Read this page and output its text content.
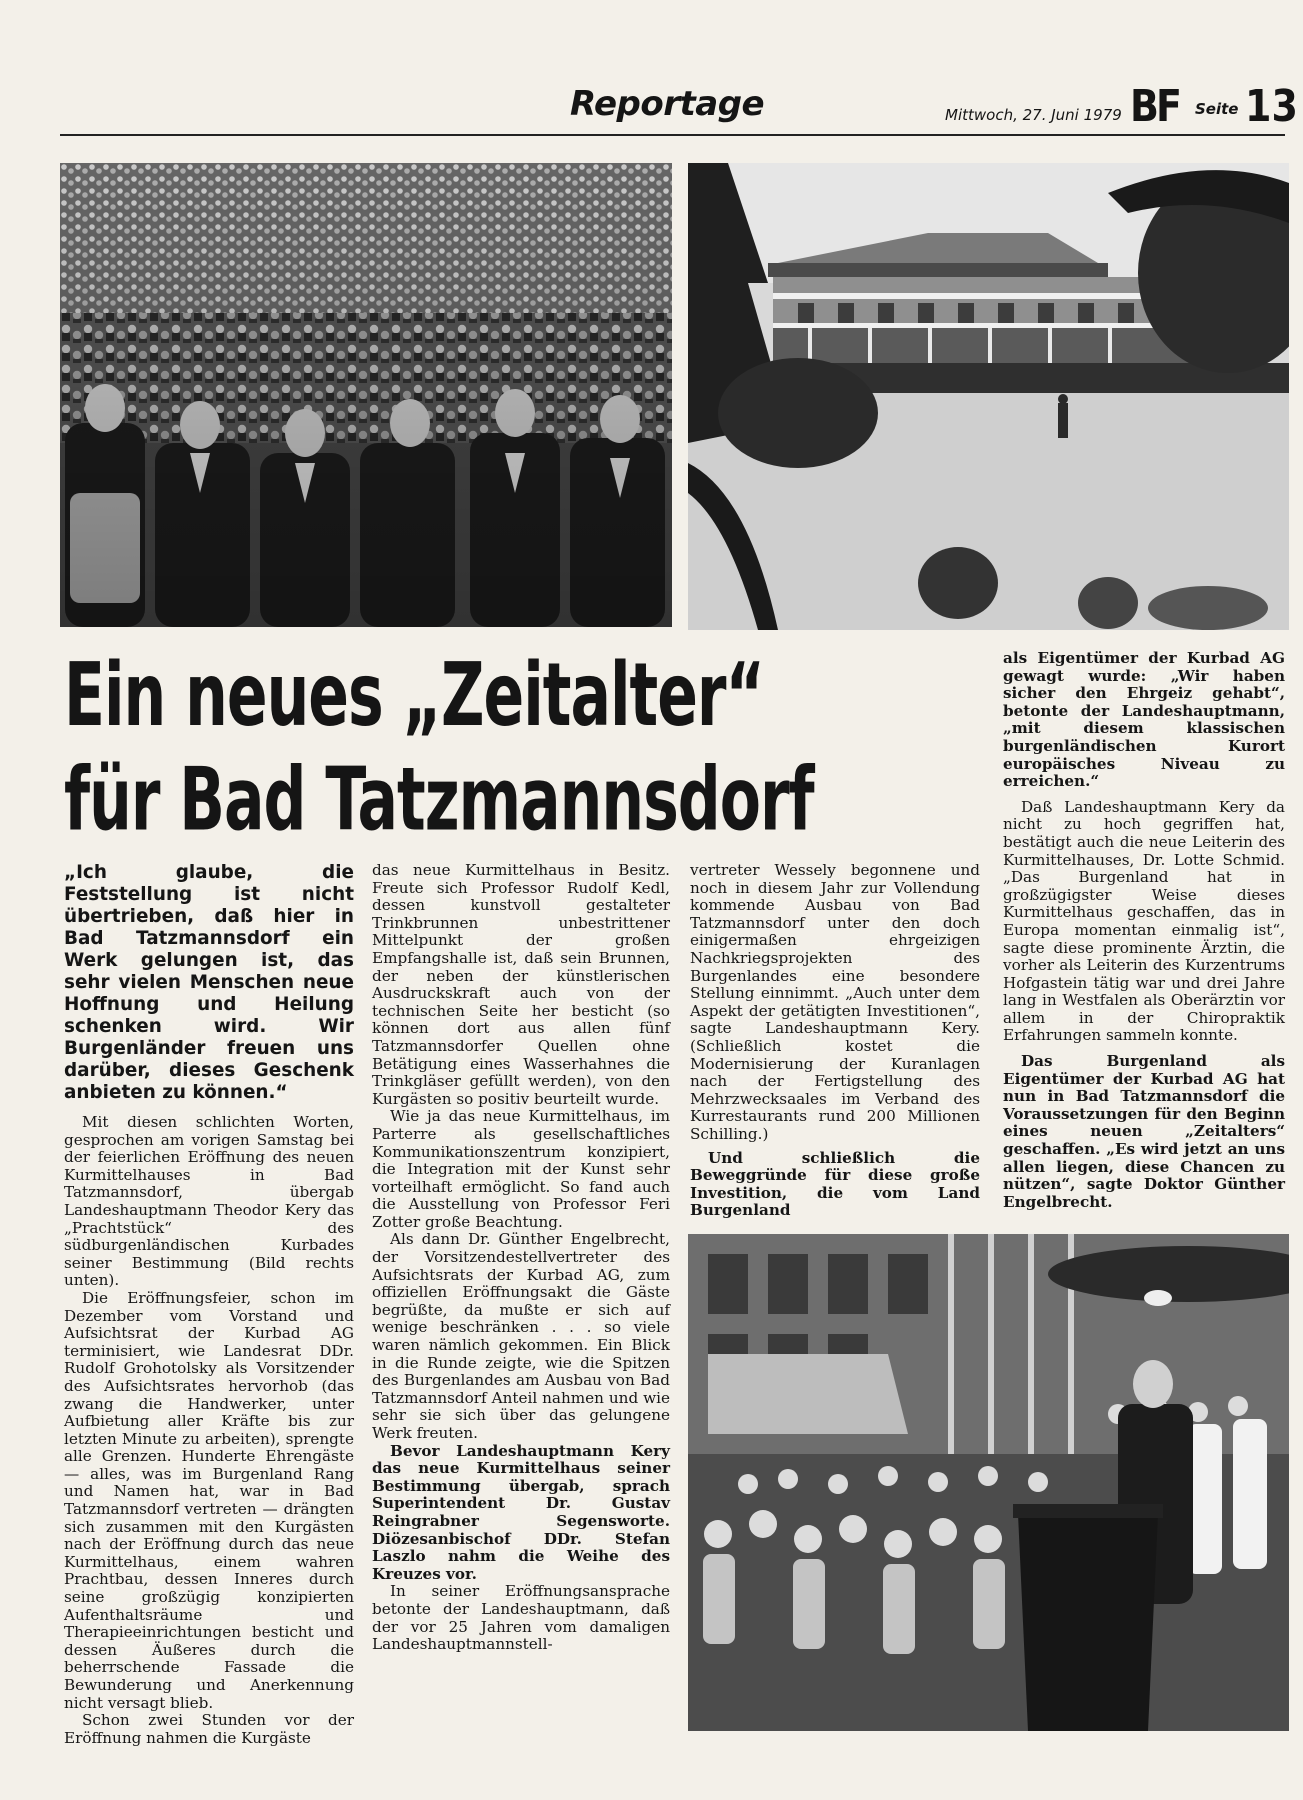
Reportage	Mittwoch, 27. Juni 1979 BF Seite 13
Ein neues „Zeitalter“
für Bad Tatzmannsdorf

„Ich glaube, die Feststellung ist nicht übertrieben, daß hier in Bad Tatzmannsdorf ein Werk gelungen ist, das sehr vielen Menschen neue Hoffnung und Heilung schenken wird. Wir Burgenländer freuen uns darüber, dieses Geschenk anbieten zu können.“

Mit diesen schlichten Worten, gesprochen am vorigen Samstag bei der feierlichen Eröffnung des neuen Kurmittelhauses in Bad Tatzmannsdorf, übergab Landeshauptmann Theodor Kery das „Prachtstück“ des südburgenländischen Kurbades seiner Bestimmung (Bild rechts unten).

Die Eröffnungsfeier, schon im Dezember vom Vorstand und Aufsichtsrat der Kurbad AG terminisiert, wie Landesrat DDr. Rudolf Grohotolsky als Vorsitzender des Aufsichtsrates hervorhob (das zwang die Handwerker, unter Aufbietung aller Kräfte bis zur letzten Minute zu arbeiten), sprengte alle Grenzen. Hunderte Ehrengäste — alles, was im Burgenland Rang und Namen hat, war in Bad Tatzmannsdorf vertreten — drängten sich zusammen mit den Kurgästen nach der Eröffnung durch das neue Kurmittelhaus, einem wahren Prachtbau, dessen Inneres durch seine großzügig konzipierten Aufenthaltsräume und Therapieeinrichtungen besticht und dessen Äußeres durch die beherrschende Fassade die Bewunderung und Anerkennung nicht versagt blieb.

Schon zwei Stunden vor der Eröffnung nahmen die Kurgäste

das neue Kurmittelhaus in Besitz. Freute sich Professor Rudolf Kedl, dessen kunstvoll gestalteter Trinkbrunnen unbestrittener Mittelpunkt der großen Empfangshalle ist, daß sein Brunnen, der neben der künstlerischen Ausdruckskraft auch von der technischen Seite her besticht (so können dort aus allen fünf Tatzmannsdorfer Quellen ohne Betätigung eines Wasserhahnes die Trinkgläser gefüllt werden), von den Kurgästen so positiv beurteilt wurde.

Wie ja das neue Kurmittelhaus, im Parterre als gesellschaftliches Kommunikationszentrum konzipiert, die Integration mit der Kunst sehr vorteilhaft ermöglicht. So fand auch die Ausstellung von Professor Feri Zotter große Beachtung.

Als dann Dr. Günther Engelbrecht, der Vorsitzendestellvertreter des Aufsichtsrats der Kurbad AG, zum offiziellen Eröffnungsakt die Gäste begrüßte, da mußte er sich auf wenige beschränken . . . so viele waren nämlich gekommen. Ein Blick in die Runde zeigte, wie die Spitzen des Burgenlandes am Ausbau von Bad Tatzmannsdorf Anteil nahmen und wie sehr sie sich über das gelungene Werk freuten.

Bevor Landeshauptmann Kery das neue Kurmittelhaus seiner Bestimmung übergab, sprach Superintendent Dr. Gustav Reingrabner Segensworte. Diözesanbischof DDr. Stefan Laszlo nahm die Weihe des Kreuzes vor.

In seiner Eröffnungsansprache betonte der Landeshauptmann, daß der vor 25 Jahren vom damaligen Landeshauptmannstell-

vertreter Wessely begonnene und noch in diesem Jahr zur Vollendung kommende Ausbau von Bad Tatzmannsdorf unter den doch einigermaßen ehrgeizigen Nachkriegsprojekten des Burgenlandes eine besondere Stellung einnimmt. „Auch unter dem Aspekt der getätigten Investitionen“, sagte Landeshauptmann Kery. (Schließlich kostet die Modernisierung der Kuranlagen nach der Fertigstellung des Mehrzwecksaales im Verband des Kurrestaurants rund 200 Millionen Schilling.)

Und schließlich die Beweggründe für diese große Investition, die vom Land Burgenland

als Eigentümer der Kurbad AG gewagt wurde: „Wir haben sicher den Ehrgeiz gehabt“, betonte der Landeshauptmann, „mit diesem klassischen burgenländischen Kurort europäisches Niveau zu erreichen.“

Daß Landeshauptmann Kery da nicht zu hoch gegriffen hat, bestätigt auch die neue Leiterin des Kurmittelhauses, Dr. Lotte Schmid. „Das Burgenland hat in großzügigster Weise dieses Kurmittelhaus geschaffen, das in Europa momentan einmalig ist“, sagte diese prominente Ärztin, die vorher als Leiterin des Kurzentrums Hofgastein tätig war und drei Jahre lang in Westfalen als Oberärztin vor allem in der Chiropraktik Erfahrungen sammeln konnte.

Das Burgenland als Eigentümer der Kurbad AG hat nun in Bad Tatzmannsdorf die Voraussetzungen für den Beginn eines neuen „Zeitalters“ geschaffen. „Es wird jetzt an uns allen liegen, diese Chancen zu nützen“, sagte Doktor Günther Engelbrecht.
